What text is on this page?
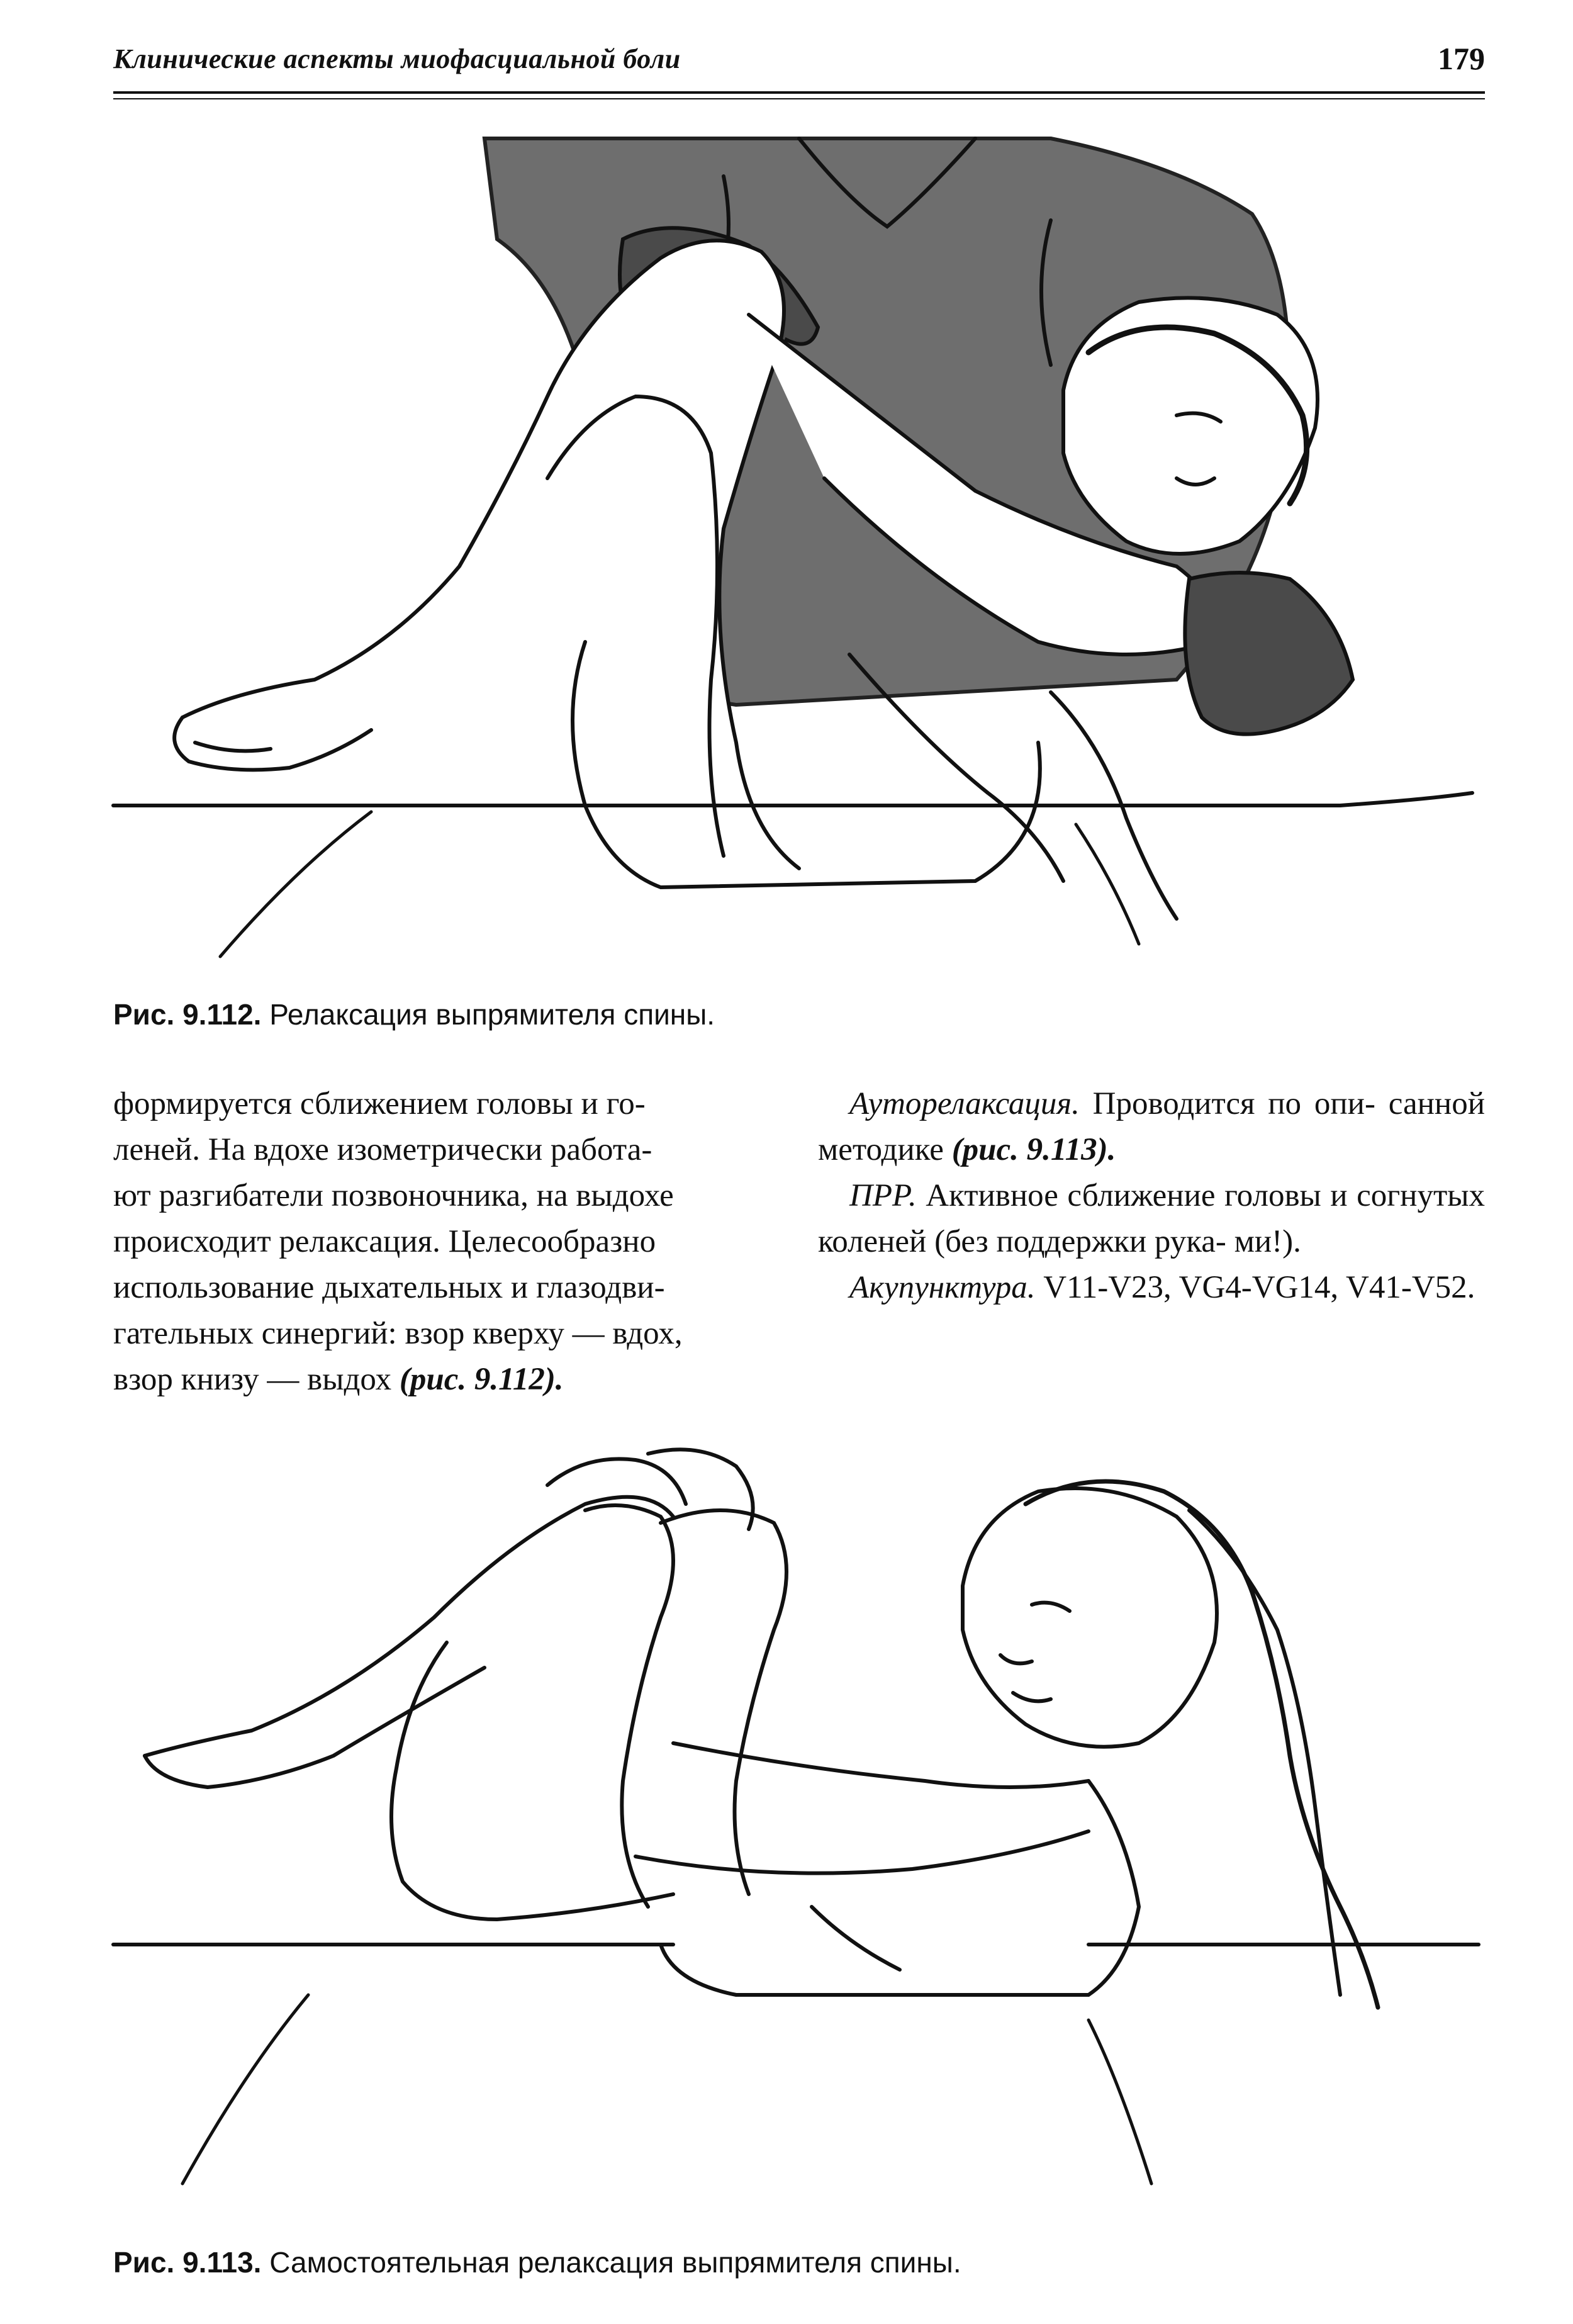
Клинические аспекты миофасциальной боли	179
Рис. 9.112. Релаксация выпрямителя спины.

формируется сближением головы и го-

леней. На вдохе изометрически работа-

ют разгибатели позвоночника, на выдохе

происходит релаксация. Целесообразно

использование дыхательных и глазодви-

гательных синергий: взор кверху — вдох,

взор книзу — выдох (рис. 9.112).

Ауторелаксация. Проводится по опи- санной методике (рис. 9.113).

ПРР. Активное сближение головы и согнутых коленей (без поддержки рука- ми!).

Акупунктура. V11-V23, VG4-VG14, V41-V52.

Рис. 9.113. Самостоятельная релаксация выпрямителя спины.
